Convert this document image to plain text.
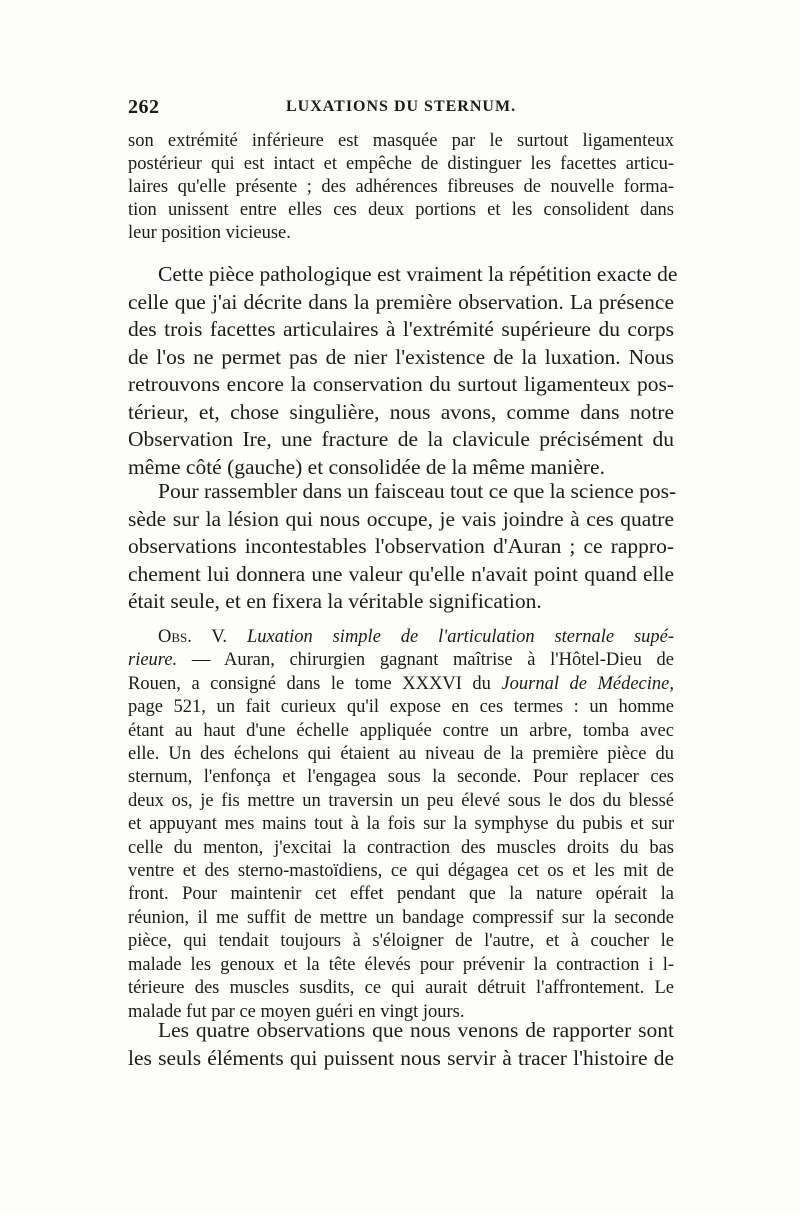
262	LUXATIONS DU STERNUM.
son extrémité inférieure est masquée par le surtout ligamenteux
postérieur qui est intact et empêche de distinguer les facettes articu-
laires qu'elle présente ; des adhérences fibreuses de nouvelle forma-
tion unissent entre elles ces deux portions et les consolident dans
leur position vicieuse.
Cette pièce pathologique est vraiment la répétition exacte de
celle que j'ai décrite dans la première observation. La présence
des trois facettes articulaires à l'extrémité supérieure du corps
de l'os ne permet pas de nier l'existence de la luxation. Nous
retrouvons encore la conservation du surtout ligamenteux pos-
térieur, et, chose singulière, nous avons, comme dans notre
Observation Ire, une fracture de la clavicule précisément du
même côté (gauche) et consolidée de la même manière.
Pour rassembler dans un faisceau tout ce que la science pos-
sède sur la lésion qui nous occupe, je vais joindre à ces quatre
observations incontestables l'observation d'Auran ; ce rappro-
chement lui donnera une valeur qu'elle n'avait point quand elle
était seule, et en fixera la véritable signification.
Obs. V. Luxation simple de l'articulation sternale supé-
rieure. — Auran, chirurgien gagnant maîtrise à l'Hôtel-Dieu de
Rouen, a consigné dans le tome XXXVI du Journal de Médecine,
page 521, un fait curieux qu'il expose en ces termes : un homme
étant au haut d'une échelle appliquée contre un arbre, tomba avec
elle. Un des échelons qui étaient au niveau de la première pièce du
sternum, l'enfonça et l'engagea sous la seconde. Pour replacer ces
deux os, je fis mettre un traversin un peu élevé sous le dos du blessé
et appuyant mes mains tout à la fois sur la symphyse du pubis et sur
celle du menton, j'excitai la contraction des muscles droits du bas
ventre et des sterno-mastoïdiens, ce qui dégagea cet os et les mit de
front. Pour maintenir cet effet pendant que la nature opérait la
réunion, il me suffit de mettre un bandage compressif sur la seconde
pièce, qui tendait toujours à s'éloigner de l'autre, et à coucher le
malade les genoux et la tête élevés pour prévenir la contraction i l-
térieure des muscles susdits, ce qui aurait détruit l'affrontement. Le
malade fut par ce moyen guéri en vingt jours.
Les quatre observations que nous venons de rapporter sont
les seuls éléments qui puissent nous servir à tracer l'histoire de
